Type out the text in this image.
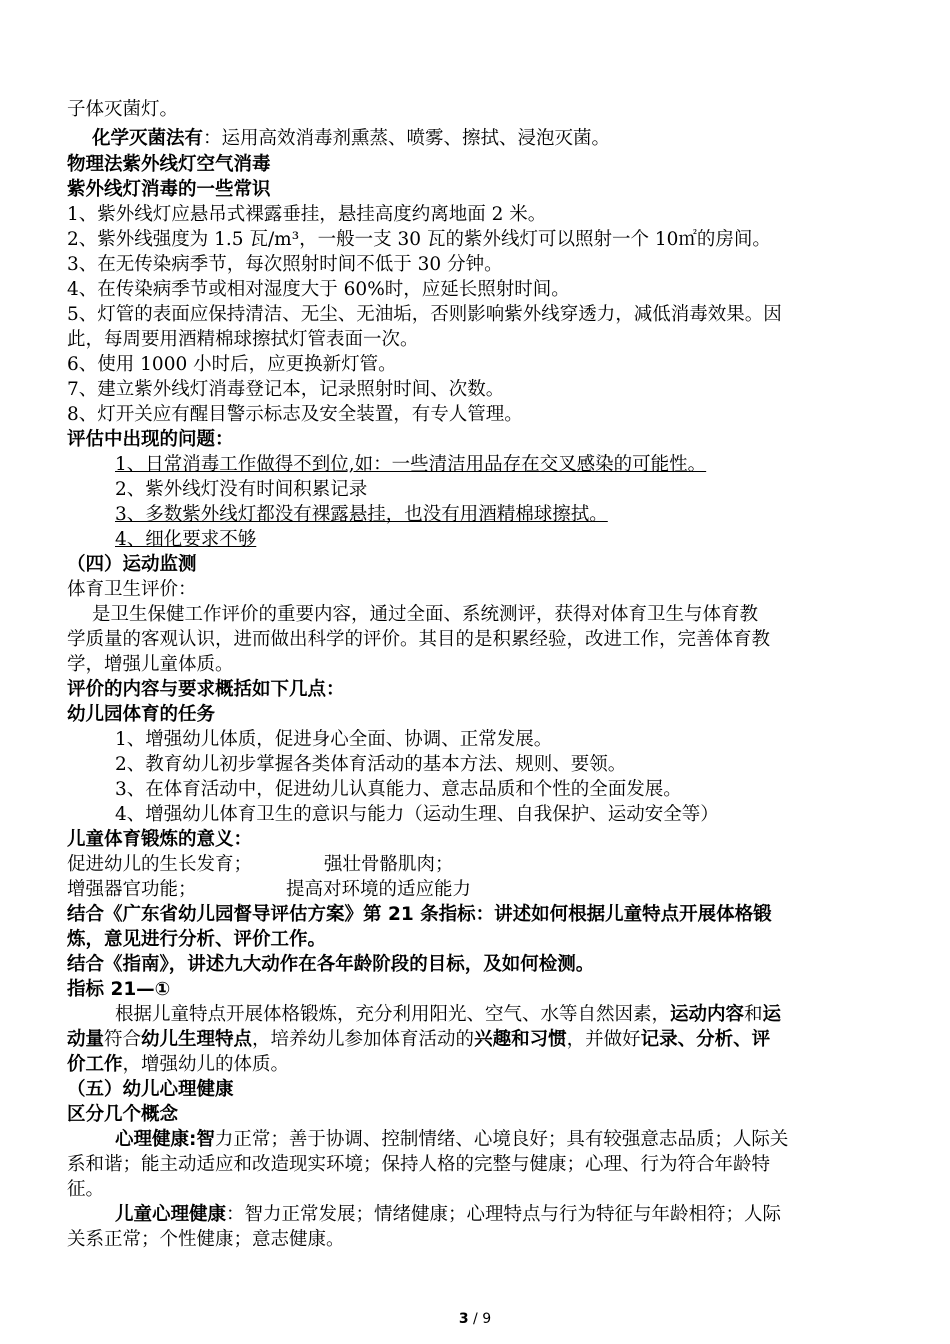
子体灭菌灯。
化学灭菌法有：运用高效消毒剂熏蒸、喷雾、擦拭、浸泡灭菌。
物理法紫外线灯空气消毒
紫外线灯消毒的一些常识
1、紫外线灯应悬吊式裸露垂挂，悬挂高度约离地面 2 米。
2、紫外线强度为 1.5 瓦/m³，一般一支 30 瓦的紫外线灯可以照射一个 10㎡的房间。
3、在无传染病季节，每次照射时间不低于 30 分钟。
4、在传染病季节或相对湿度大于 60%时，应延长照射时间。
5、灯管的表面应保持清洁、无尘、无油垢，否则影响紫外线穿透力，减低消毒效果。因
此，每周要用酒精棉球擦拭灯管表面一次。
6、使用 1000 小时后，应更换新灯管。
7、建立紫外线灯消毒登记本，记录照射时间、次数。
8、灯开关应有醒目警示标志及安全装置，有专人管理。
评估中出现的问题：
1、日常消毒工作做得不到位,如：一些清洁用品存在交叉感染的可能性。
2、紫外线灯没有时间积累记录
3、多数紫外线灯都没有裸露悬挂，也没有用酒精棉球擦拭。
4、细化要求不够
（四）运动监测
体育卫生评价：
是卫生保健工作评价的重要内容，通过全面、系统测评，获得对体育卫生与体育教
学质量的客观认识，进而做出科学的评价。其目的是积累经验，改进工作，完善体育教
学，增强儿童体质。
评价的内容与要求概括如下几点：
幼儿园体育的任务
1、增强幼儿体质，促进身心全面、协调、正常发展。
2、教育幼儿初步掌握各类体育活动的基本方法、规则、要领。
3、在体育活动中，促进幼儿认真能力、意志品质和个性的全面发展。
4、增强幼儿体育卫生的意识与能力（运动生理、自我保护、运动安全等）
儿童体育锻炼的意义：
促进幼儿的生长发育；	强壮骨骼肌肉；
增强器官功能；	提高对环境的适应能力
结合《广东省幼儿园督导评估方案》第 21 条指标：讲述如何根据儿童特点开展体格锻
炼，意见进行分析、评价工作。
结合《指南》，讲述九大动作在各年龄阶段的目标，及如何检测。
指标 21—①
根据儿童特点开展体格锻炼，充分利用阳光、空气、水等自然因素，运动内容和运
动量符合幼儿生理特点，培养幼儿参加体育活动的兴趣和习惯，并做好记录、分析、评
价工作，增强幼儿的体质。
（五）幼儿心理健康
区分几个概念
心理健康:智力正常；善于协调、控制情绪、心境良好；具有较强意志品质；人际关
系和谐；能主动适应和改造现实环境；保持人格的完整与健康；心理、行为符合年龄特
征。
儿童心理健康：智力正常发展；情绪健康；心理特点与行为特征与年龄相符；人际
关系正常；个性健康；意志健康。
3 / 9
